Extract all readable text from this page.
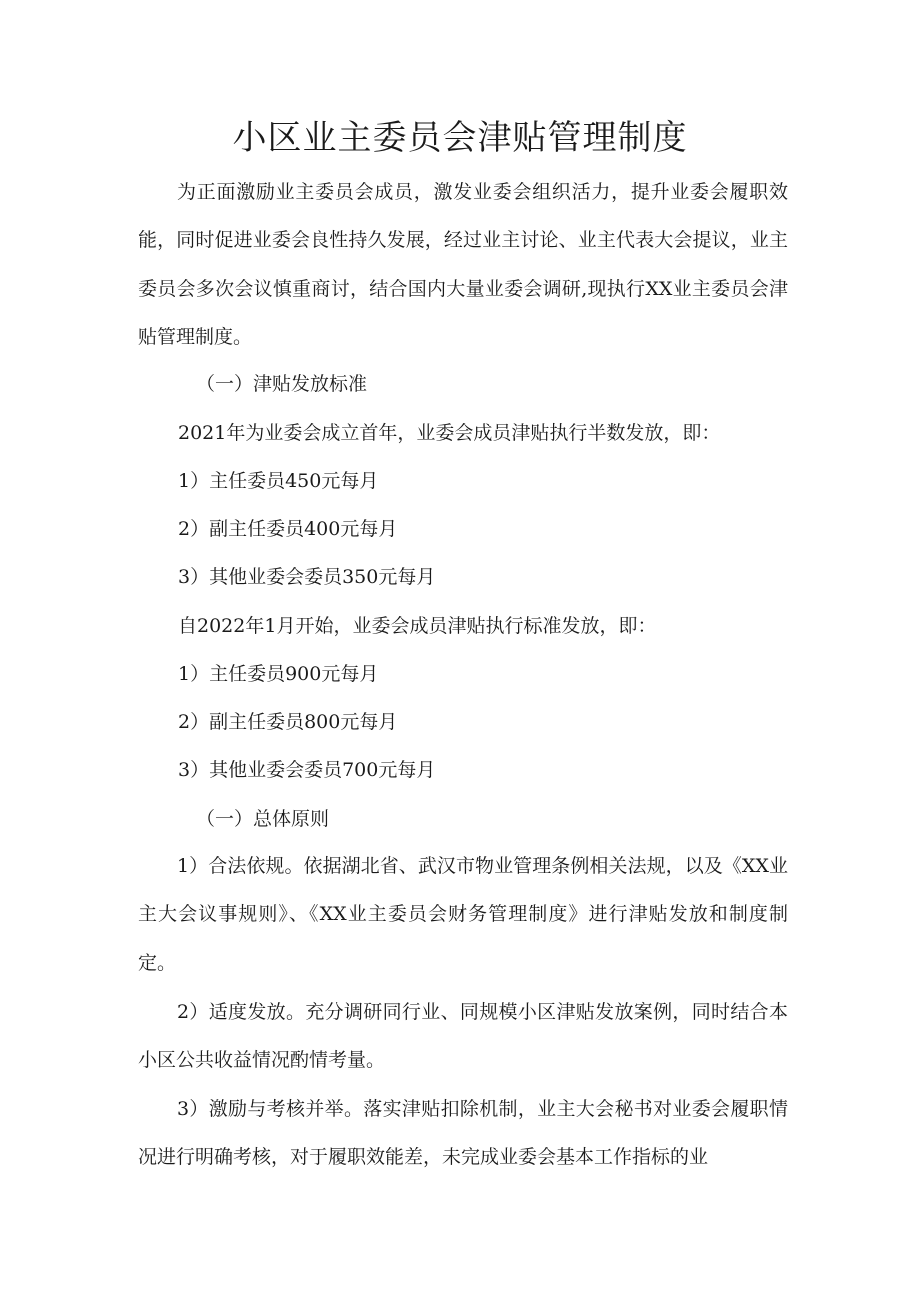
小区业主委员会津贴管理制度

为正面激励业主委员会成员，激发业委会组织活力，提升业委会履职效能，同时促进业委会良性持久发展，经过业主讨论、业主代表大会提议，业主委员会多次会议慎重商讨，结合国内大量业委会调研,现执行XX业主委员会津贴管理制度。

（一）津贴发放标准

2021年为业委会成立首年，业委会成员津贴执行半数发放，即：

1）主任委员450元每月

2）副主任委员400元每月

3）其他业委会委员350元每月

自2022年1月开始，业委会成员津贴执行标准发放，即：

1）主任委员900元每月

2）副主任委员800元每月

3）其他业委会委员700元每月

（一）总体原则

1）合法依规。依据湖北省、武汉市物业管理条例相关法规，以及《XX业主大会议事规则》、《XX业主委员会财务管理制度》进行津贴发放和制度制定。

2）适度发放。充分调研同行业、同规模小区津贴发放案例，同时结合本小区公共收益情况酌情考量。

3）激励与考核并举。落实津贴扣除机制，业主大会秘书对业委会履职情况进行明确考核，对于履职效能差，未完成业委会基本工作指标的业
